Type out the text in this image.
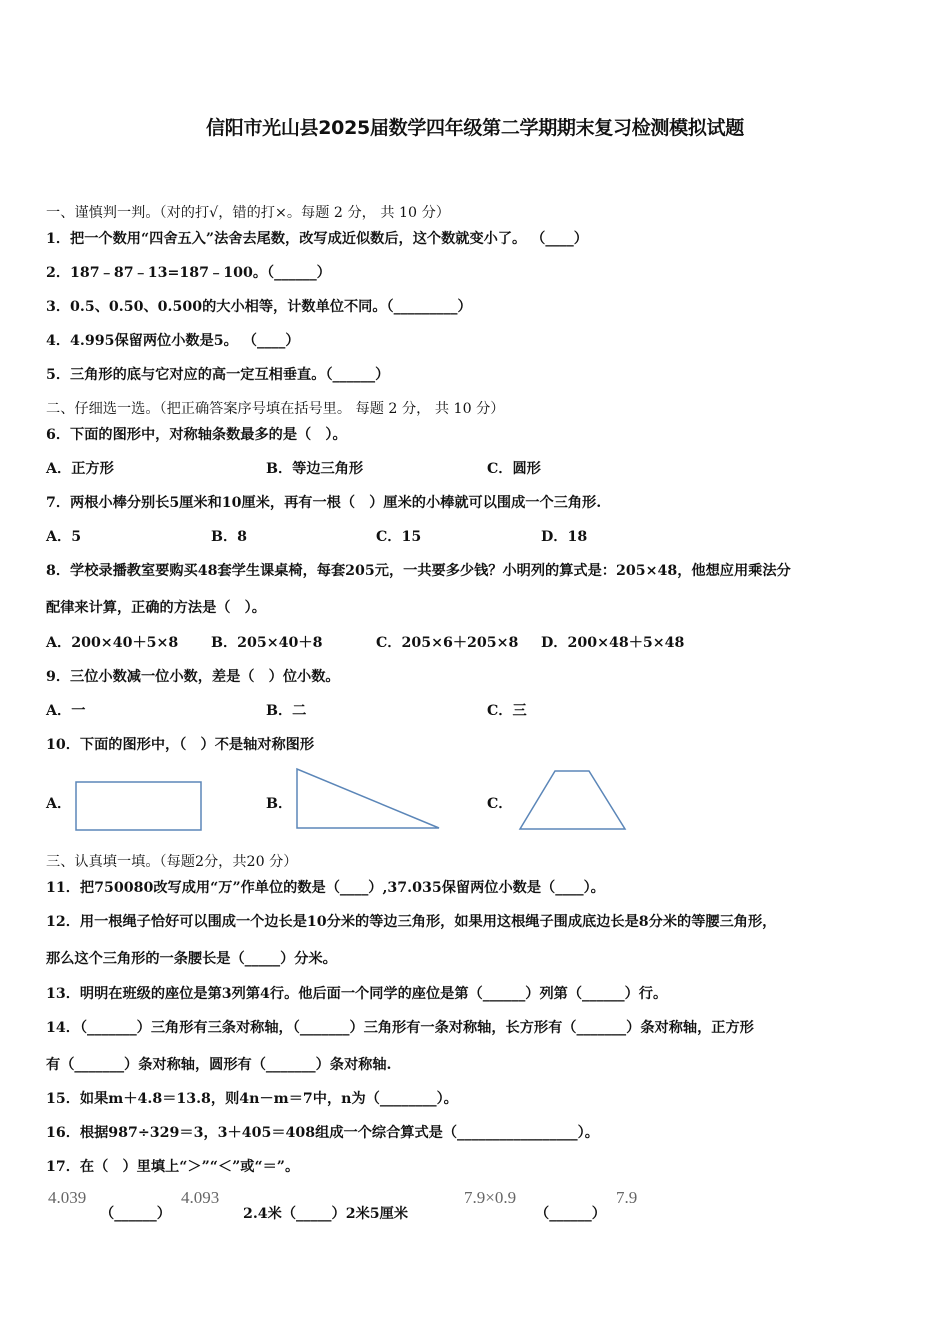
信阳市光山县2025届数学四年级第二学期期末复习检测模拟试题
一、谨慎判一判。（对的打√，错的打×。每题 2 分， 共 10 分）
1．把一个数用“四舍五入”法舍去尾数，改写成近似数后，这个数就变小了。 （____）
2．187﹣87﹣13=187﹣100。（______）
3．0.5、0.50、0.500的大小相等，计数单位不同。（_________）
4．4.995保留两位小数是5。 （____）
5．三角形的底与它对应的高一定互相垂直。（______）
二、仔细选一选。（把正确答案序号填在括号里。 每题 2 分， 共 10 分）
6．下面的图形中，对称轴条数最多的是（　）。
A．正方形	B．等边三角形	C．圆形
7．两根小棒分别长5厘米和10厘米，再有一根（　）厘米的小棒就可以围成一个三角形.
A．5	B．8	C．15	D．18
8．学校录播教室要购买48套学生课桌椅，每套205元，一共要多少钱？小明列的算式是：205×48，他想应用乘法分
配律来计算，正确的方法是（　）。
A．200×40＋5×8 B．205×40＋8	C．205×6＋205×8 D．200×48＋5×48
9．三位小数减一位小数，差是（　）位小数。
A．一	B．二	C．三
10．下面的图形中，（　）不是轴对称图形
A．	B．	C．
三、认真填一填。（每题2分，共20 分）
11．把750080改写成用“万”作单位的数是（____）,37.035保留两位小数是（____）。
12．用一根绳子恰好可以围成一个边长是10分米的等边三角形，如果用这根绳子围成底边长是8分米的等腰三角形，
那么这个三角形的一条腰长是（_____）分米。
13．明明在班级的座位是第3列第4行。他后面一个同学的座位是第（______）列第（______）行。
14．（_______）三角形有三条对称轴，（_______）三角形有一条对称轴，长方形有（_______）条对称轴，正方形
有（_______）条对称轴，圆形有（_______）条对称轴.
15．如果m＋4.8＝13.8，则4n－m＝7中，n为（________）。
16．根据987÷329＝3，3＋405＝408组成一个综合算式是（_________________）。
17．在（　）里填上“＞”“＜”或“＝”。
4.039
（______）
4.093
2.4米（_____）2米5厘米
7.9×0.9
（______）
7.9
